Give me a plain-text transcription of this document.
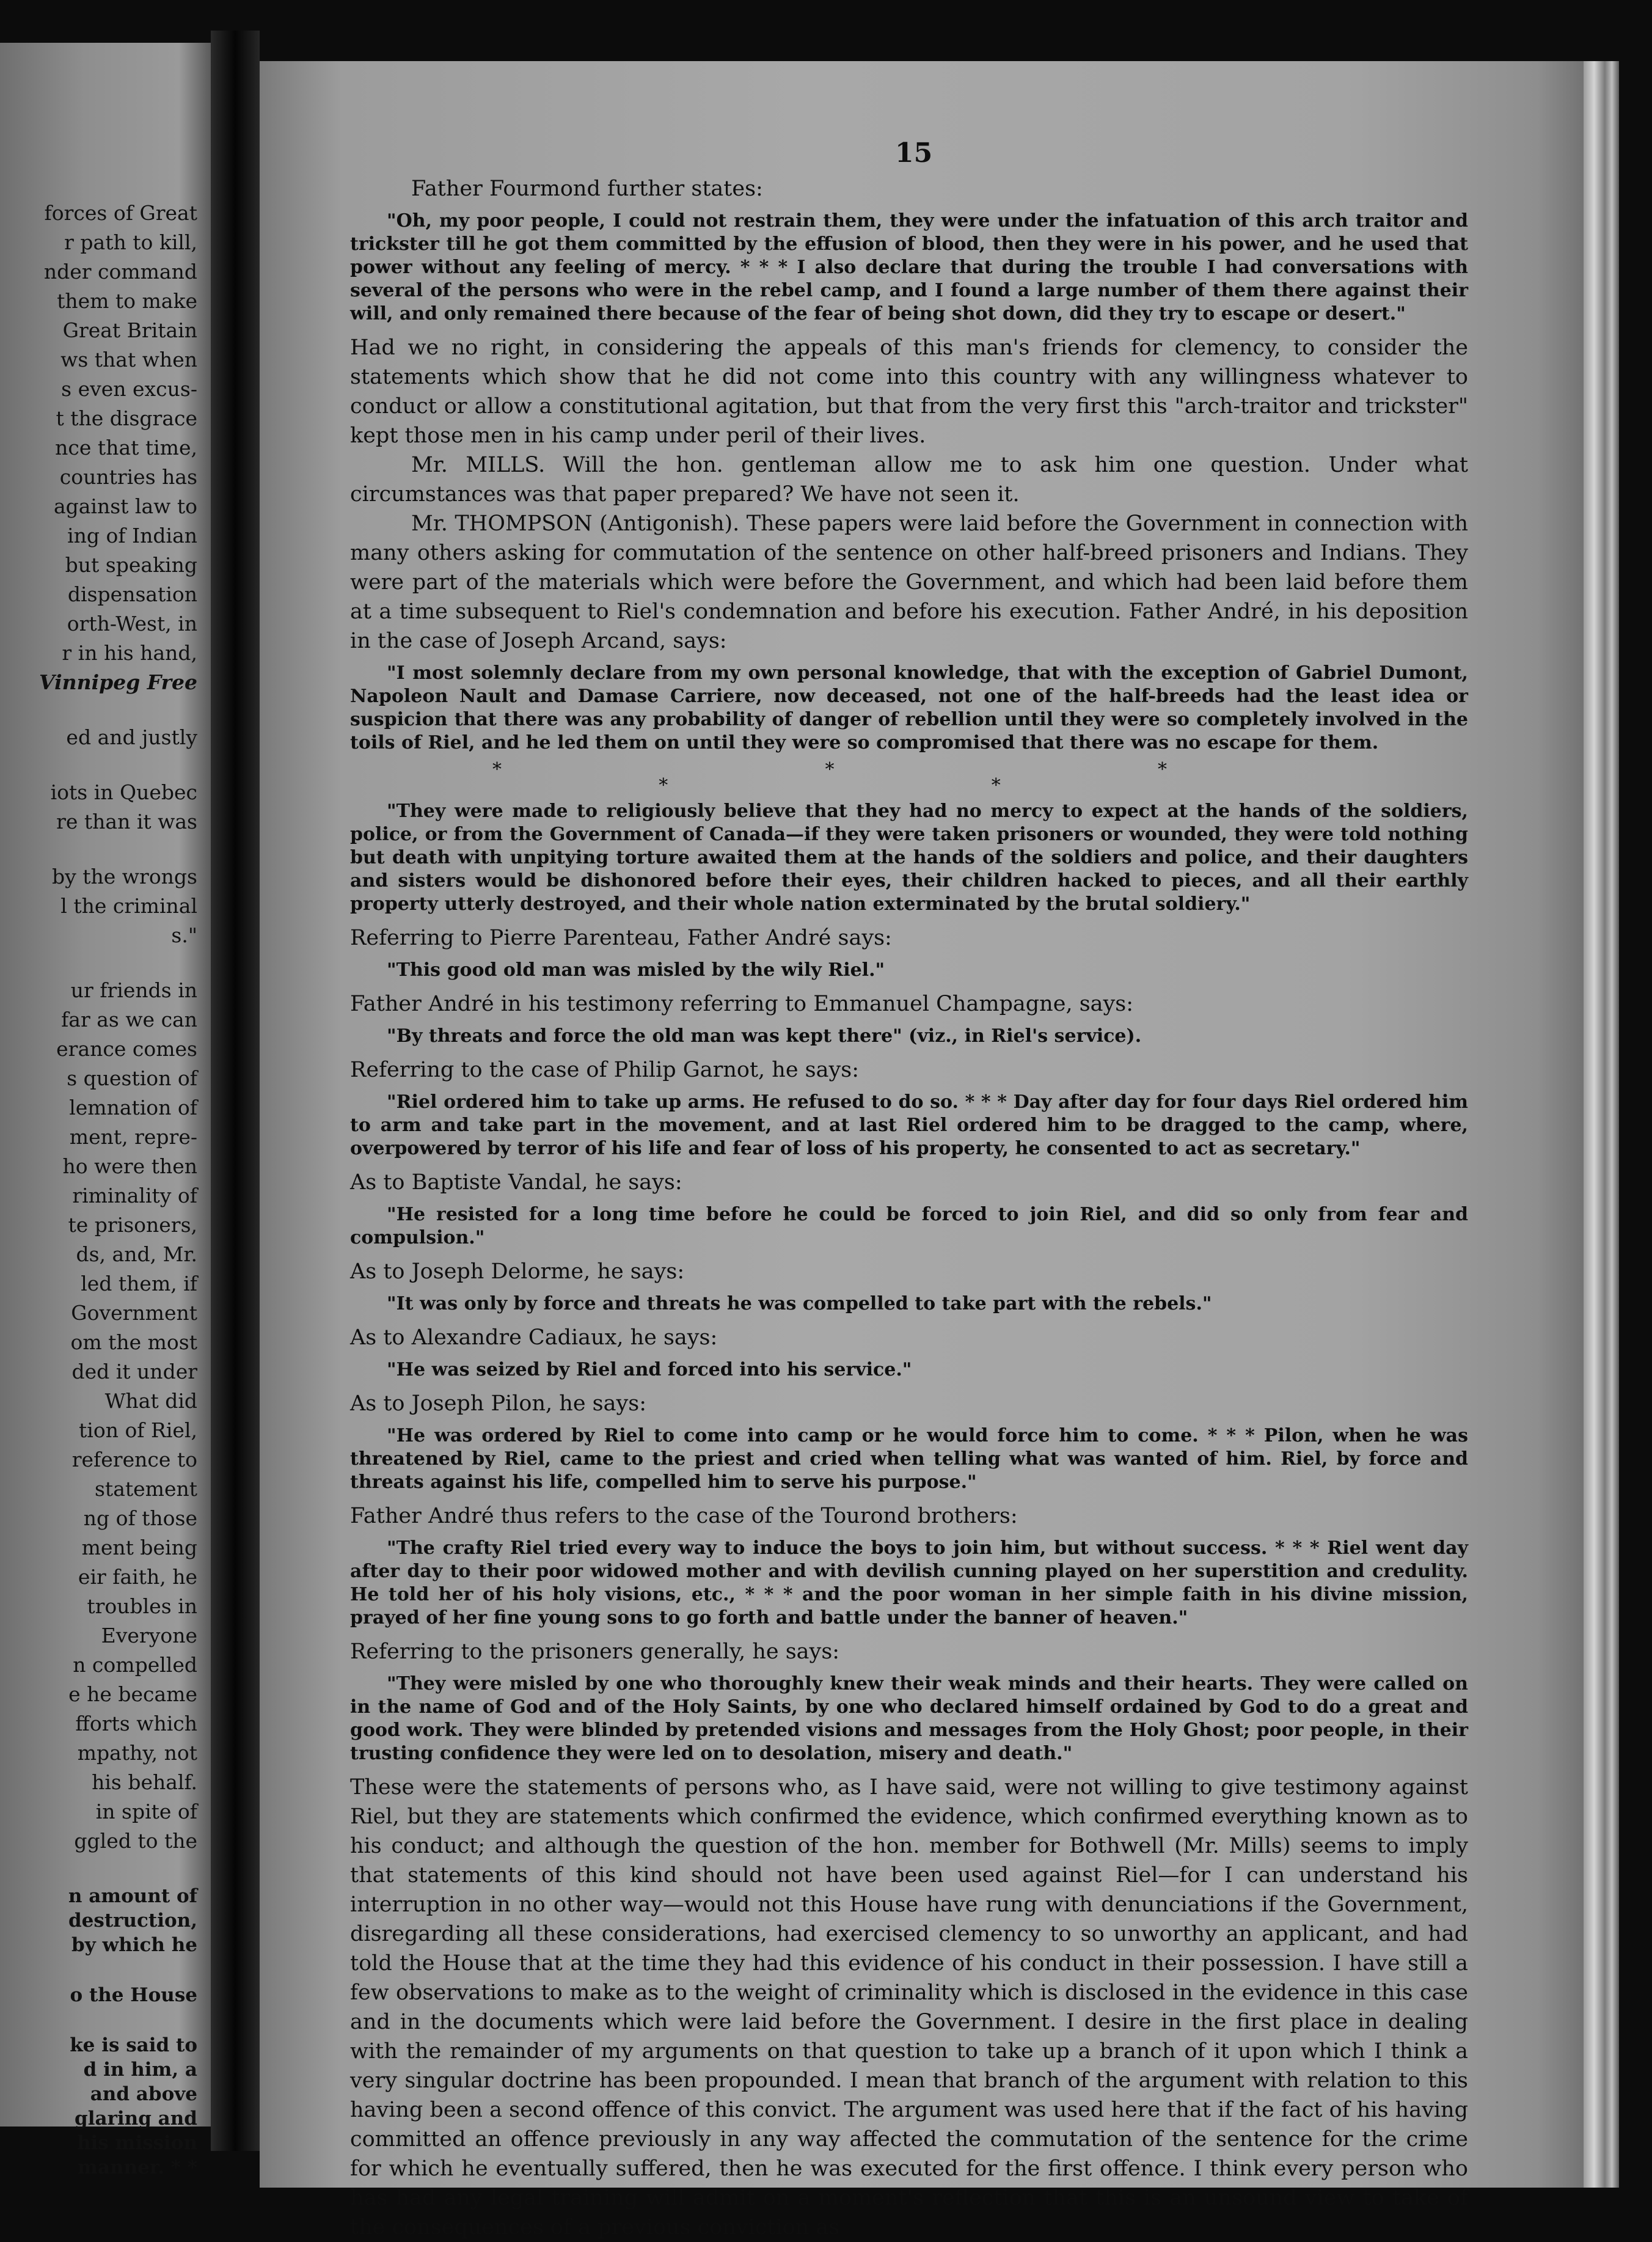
forces of Great
r path to kill,
nder command
them to make
Great Britain
ws that when
s even excus-
t the disgrace
nce that time,
countries has
against law to
ing of Indian
but speaking
dispensation
orth-West, in
r in his hand,
Vinnipeg Free
ed and justly
iots in Quebec
re than it was
by the wrongs
l the criminal
s."
ur friends in
far as we can
erance comes
s question of
lemnation of
ment, repre-
ho were then
riminality of
te prisoners,
ds, and, Mr.
led them, if
Government
om the most
ded it under
What did
tion of Riel,
reference to
statement
ng of those
ment being
eir faith, he
troubles in
Everyone
n compelled
e he became
fforts which
mpathy, not
his behalf.
in spite of
ggled to the
n amount of
destruction,
by which he
o the House
ke is said to
d in him, a
and above
glaring and
his mission
manner. * *
15

Father Fourmond further states:

"Oh, my poor people, I could not restrain them, they were under the infatuation of this arch traitor and trickster till he got them committed by the effusion of blood, then they were in his power, and he used that power without any feeling of mercy. * * * I also declare that during the trouble I had conversations with several of the persons who were in the rebel camp, and I found a large number of them there against their will, and only remained there because of the fear of being shot down, did they try to escape or desert."

Had we no right, in considering the appeals of this man's friends for clemency, to consider the statements which show that he did not come into this country with any willingness whatever to conduct or allow a constitutional agitation, but that from the very first this "arch-traitor and trickster" kept those men in his camp under peril of their lives.

Mr. MILLS. Will the hon. gentleman allow me to ask him one question. Under what circumstances was that paper prepared? We have not seen it.

Mr. THOMPSON (Antigonish). These papers were laid before the Government in connection with many others asking for commutation of the sentence on other half-breed prisoners and Indians. They were part of the materials which were before the Government, and which had been laid before them at a time subsequent to Riel's condemnation and before his execution. Father André, in his deposition in the case of Joseph Arcand, says:

"I most solemnly declare from my own personal knowledge, that with the exception of Gabriel Dumont, Napoleon Nault and Damase Carriere, now deceased, not one of the half-breeds had the least idea or suspicion that there was any probability of danger of rebellion until they were so completely involved in the toils of Riel, and he led them on until they were so compromised that there was no escape for them.

* * * * *

"They were made to religiously believe that they had no mercy to expect at the hands of the soldiers, police, or from the Government of Canada—if they were taken prisoners or wounded, they were told nothing but death with unpitying torture awaited them at the hands of the soldiers and police, and their daughters and sisters would be dishonored before their eyes, their children hacked to pieces, and all their earthly property utterly destroyed, and their whole nation exterminated by the brutal soldiery."

Referring to Pierre Parenteau, Father André says:

"This good old man was misled by the wily Riel."

Father André in his testimony referring to Emmanuel Champagne, says:

"By threats and force the old man was kept there" (viz., in Riel's service).

Referring to the case of Philip Garnot, he says:

"Riel ordered him to take up arms. He refused to do so. * * * Day after day for four days Riel ordered him to arm and take part in the movement, and at last Riel ordered him to be dragged to the camp, where, overpowered by terror of his life and fear of loss of his property, he consented to act as secretary."

As to Baptiste Vandal, he says:

"He resisted for a long time before he could be forced to join Riel, and did so only from fear and compulsion."

As to Joseph Delorme, he says:

"It was only by force and threats he was compelled to take part with the rebels."

As to Alexandre Cadiaux, he says:

"He was seized by Riel and forced into his service."

As to Joseph Pilon, he says:

"He was ordered by Riel to come into camp or he would force him to come. * * * Pilon, when he was threatened by Riel, came to the priest and cried when telling what was wanted of him. Riel, by force and threats against his life, compelled him to serve his purpose."

Father André thus refers to the case of the Tourond brothers:

"The crafty Riel tried every way to induce the boys to join him, but without success. * * * Riel went day after day to their poor widowed mother and with devilish cunning played on her superstition and credulity. He told her of his holy visions, etc., * * * and the poor woman in her simple faith in his divine mission, prayed of her fine young sons to go forth and battle under the banner of heaven."

Referring to the prisoners generally, he says:

"They were misled by one who thoroughly knew their weak minds and their hearts. They were called on in the name of God and of the Holy Saints, by one who declared himself ordained by God to do a great and good work. They were blinded by pretended visions and messages from the Holy Ghost; poor people, in their trusting confidence they were led on to desolation, misery and death."

These were the statements of persons who, as I have said, were not willing to give testimony against Riel, but they are statements which confirmed the evidence, which confirmed everything known as to his conduct; and although the question of the hon. member for Bothwell (Mr. Mills) seems to imply that statements of this kind should not have been used against Riel—for I can understand his interruption in no other way—would not this House have rung with denunciations if the Government, disregarding all these considerations, had exercised clemency to so unworthy an applicant, and had told the House that at the time they had this evidence of his conduct in their possession. I have still a few observations to make as to the weight of criminality which is disclosed in the evidence in this case and in the documents which were laid before the Government. I desire in the first place in dealing with the remainder of my arguments on that question to take up a branch of it upon which I think a very singular doctrine has been propounded. I mean that branch of the argument with relation to this having been a second offence of this convict. The argument was used here that if the fact of his having committed an offence previously in any way affected the commutation of the sentence for the crime for which he eventually suffered, then he was executed for the first offence. I think every person who has had any legal training will admit on a moment's reflection that this is an unsound view to take of the consequences of a previous conviction as
